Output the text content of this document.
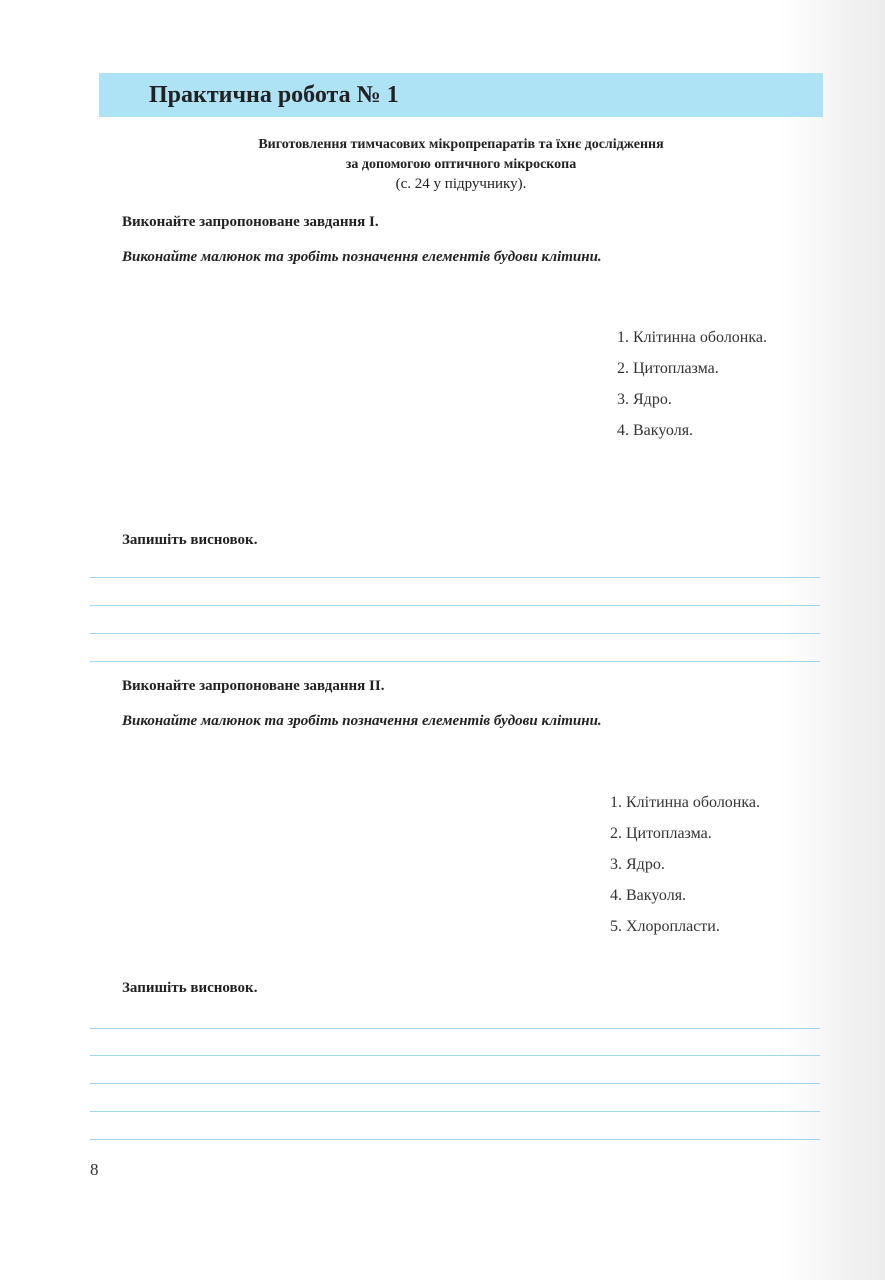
Практична робота № 1
Виготовлення тимчасових мікропрепаратів та їхнє дослідження
за допомогою оптичного мікроскопа
(с. 24 у підручнику).
Виконайте запропоноване завдання І.
Виконайте малюнок та зробіть позначення елементів будови клітини.
1. Клітинна оболонка.
2. Цитоплазма.
3. Ядро.
4. Вакуоля.
Запишіть висновок.
Виконайте запропоноване завдання ІІ.
Виконайте малюнок та зробіть позначення елементів будови клітини.
1. Клітинна оболонка.
2. Цитоплазма.
3. Ядро.
4. Вакуоля.
5. Хлоропласти.
Запишіть висновок.
8
